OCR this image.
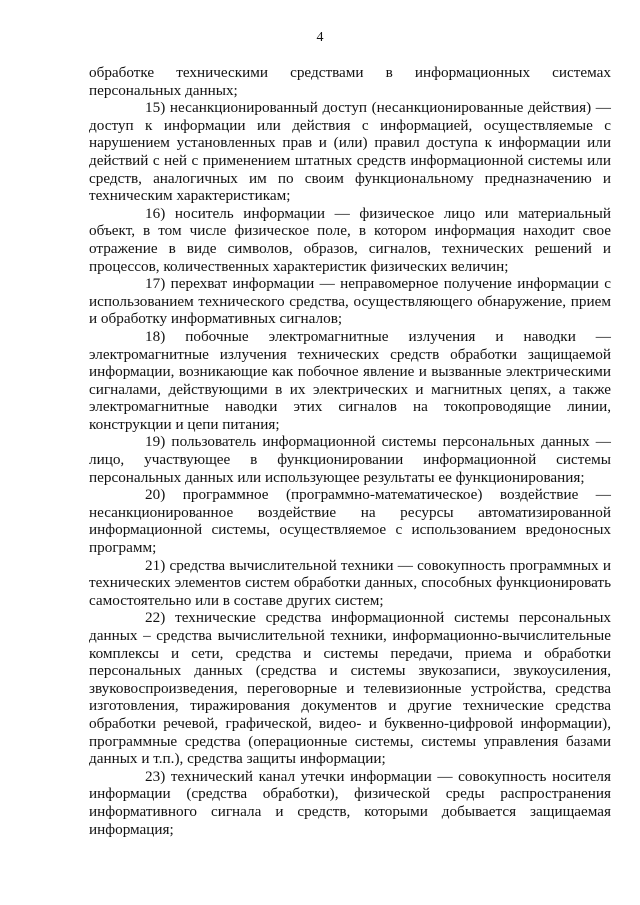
4

обработке техническими средствами в информационных системах персональных данных;

15) несанкционированный доступ (несанкционированные действия) — доступ к информации или действия с информацией, осуществляемые с нарушением установленных прав и (или) правил доступа к информации или действий с ней с применением штатных средств информационной системы или средств, аналогичных им по своим функциональному предназначению и техническим характеристикам;

16) носитель информации — физическое лицо или материальный объект, в том числе физическое поле, в котором информация находит свое отражение в виде символов, образов, сигналов, технических решений и процессов, количественных характеристик физических величин;

17) перехват информации — неправомерное получение информации с использованием технического средства, осуществляющего обнаружение, прием и обработку информативных сигналов;

18) побочные электромагнитные излучения и наводки — электромагнитные излучения технических средств обработки защищаемой информации, возникающие как побочное явление и вызванные электрическими сигналами, действующими в их электрических и магнитных цепях, а также электромагнитные наводки этих сигналов на токопроводящие линии, конструкции и цепи питания;

19) пользователь информационной системы персональных данных — лицо, участвующее в функционировании информационной системы персональных данных или использующее результаты ее функционирования;

20) программное (программно-математическое) воздействие — несанкционированное воздействие на ресурсы автоматизированной информационной системы, осуществляемое с использованием вредоносных программ;

21) средства вычислительной техники — совокупность программных и технических элементов систем обработки данных, способных функционировать самостоятельно или в составе других систем;

22) технические средства информационной системы персональных данных – средства вычислительной техники, информационно-вычислительные комплексы и сети, средства и системы передачи, приема и обработки персональных данных (средства и системы звукозаписи, звукоусиления, звуковоспроизведения, переговорные и телевизионные устройства, средства изготовления, тиражирования документов и другие технические средства обработки речевой, графической, видео- и буквенно-цифровой информации), программные средства (операционные системы, системы управления базами данных и т.п.), средства защиты информации;

23) технический канал утечки информации — совокупность носителя информации (средства обработки), физической среды распространения информативного сигнала и средств, которыми добывается защищаемая информация;
